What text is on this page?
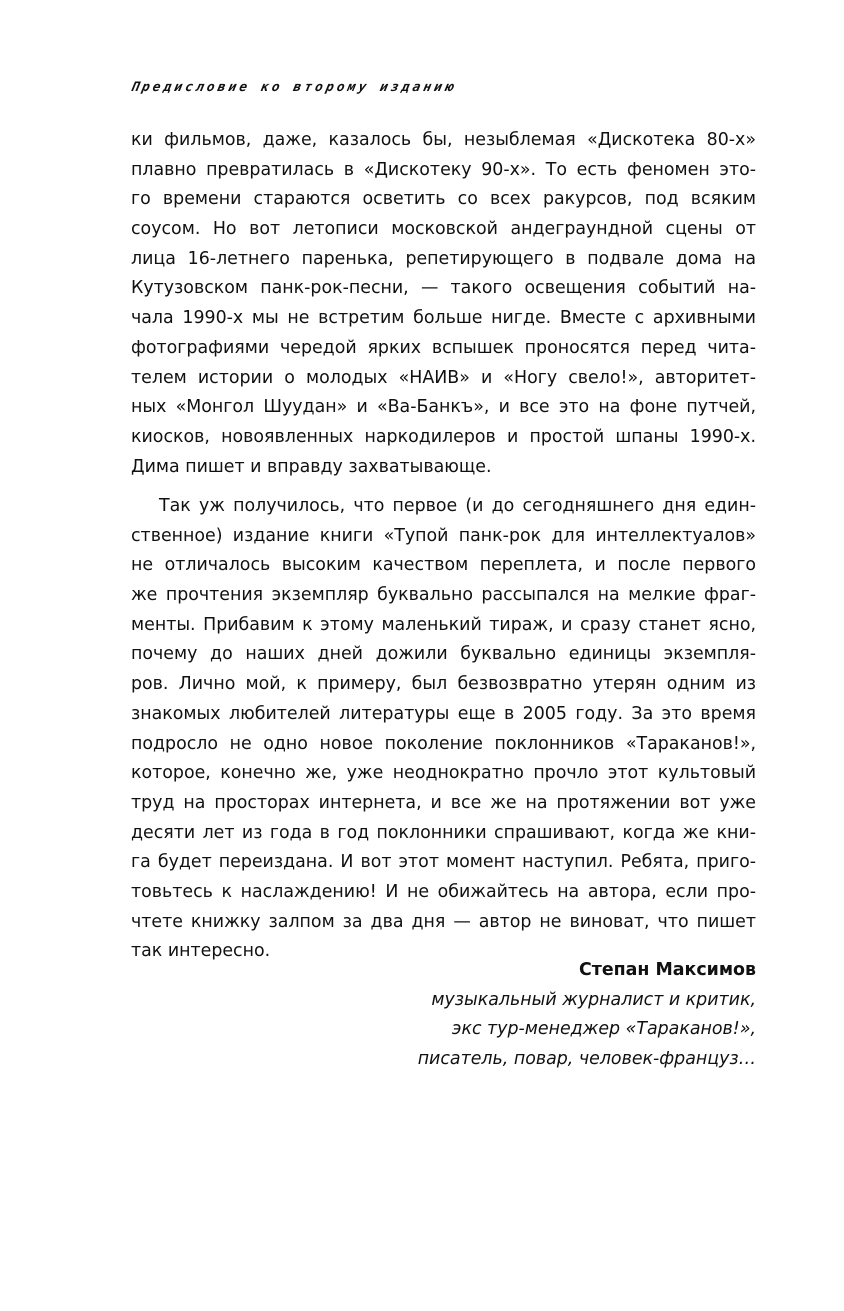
Предисловие ко второму изданию
ки фильмов, даже, казалось бы, незыблемая «Дискотека 80-х»
плавно превратилась в «Дискотеку 90-х». То есть феномен это-
го времени стараются осветить со всех ракурсов, под всяким
соусом. Но вот летописи московской андеграундной сцены от
лица 16-летнего паренька, репетирующего в подвале дома на
Кутузовском панк-рок-песни, — такого освещения событий на-
чала 1990-х мы не встретим больше нигде. Вместе с архивными
фотографиями чередой ярких вспышек проносятся перед чита-
телем истории о молодых «НАИВ» и «Ногу свело!», авторитет-
ных «Монгол Шуудан» и «Ва-Банкъ», и все это на фоне путчей,
киосков, новоявленных наркодилеров и простой шпаны 1990-х.
Дима пишет и вправду захватывающе.
Так уж получилось, что первое (и до сегодняшнего дня един-
ственное) издание книги «Тупой панк-рок для интеллектуалов»
не отличалось высоким качеством переплета, и после первого
же прочтения экземпляр буквально рассыпался на мелкие фраг-
менты. Прибавим к этому маленький тираж, и сразу станет ясно,
почему до наших дней дожили буквально единицы экземпля-
ров. Лично мой, к примеру, был безвозвратно утерян одним из
знакомых любителей литературы еще в 2005 году. За это время
подросло не одно новое поколение поклонников «Тараканов!»,
которое, конечно же, уже неоднократно прочло этот культовый
труд на просторах интернета, и все же на протяжении вот уже
десяти лет из года в год поклонники спрашивают, когда же кни-
га будет переиздана. И вот этот момент наступил. Ребята, приго-
товьтесь к наслаждению! И не обижайтесь на автора, если про-
чтете книжку залпом за два дня — автор не виноват, что пишет
так интересно.
Степан Максимов
музыкальный журналист и критик,
экс тур-менеджер «Тараканов!»,
писатель, повар, человек-француз…
